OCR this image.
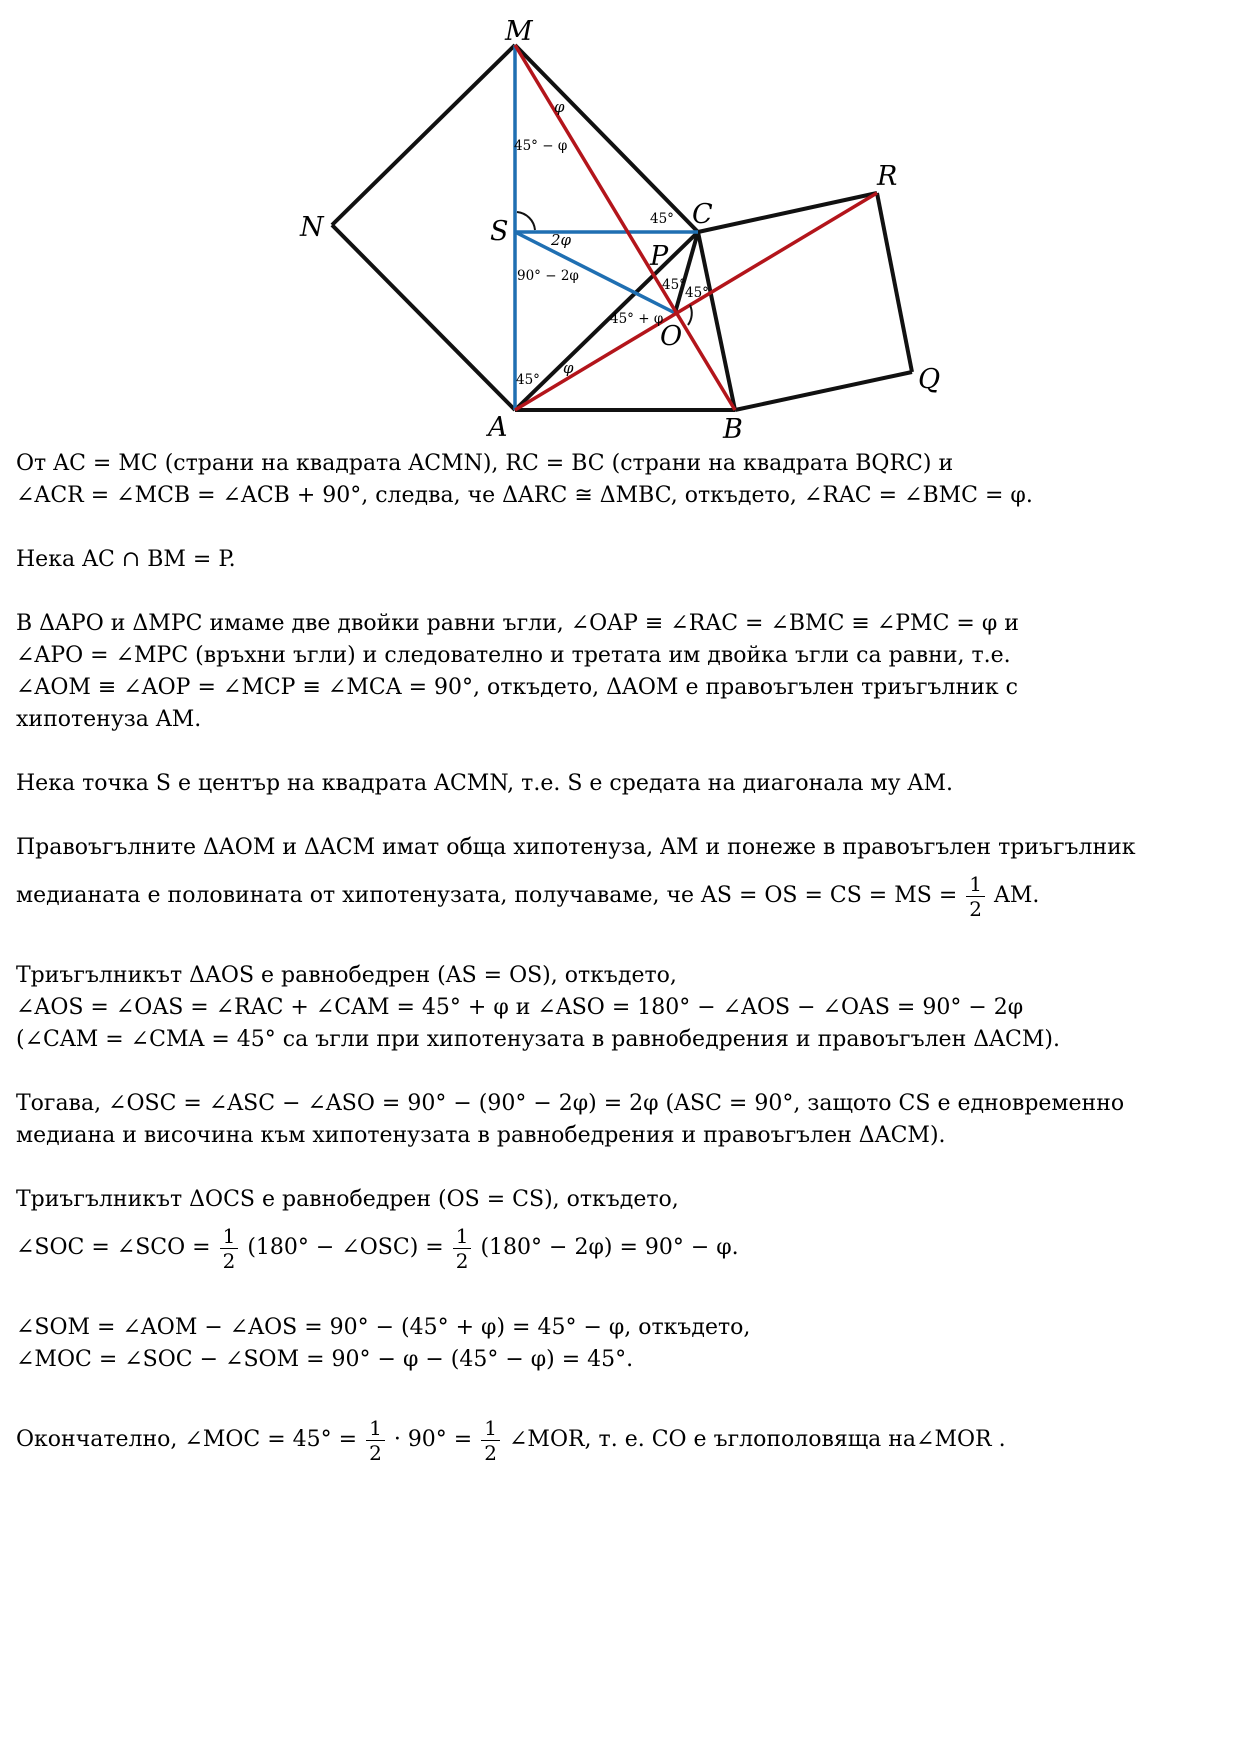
M
N	S
C
R
P
O
A	B
Q
φ
45° − φ
45°
2φ
90° − 2φ
45° 45°
45° + φ
45°
φ
От AC = MC (страни на квадрата ACMN), RC = BC (страни на квадрата BQRC) и
∠ACR = ∠MCB = ∠ACB + 90°, следва, че ΔARC ≅ ΔMBC, откъдето, ∠RAC = ∠BMC = φ.
Нека AC ∩ BM = P.
В ΔAPO и ΔMPC имаме две двойки равни ъгли, ∠OAP ≡ ∠RAC = ∠BMC ≡ ∠PMC = φ и
∠APO = ∠MPC (връхни ъгли) и следователно и третата им двойка ъгли са равни, т.е.
∠AOM ≡ ∠AOP = ∠MCP ≡ ∠MCA = 90°, откъдето, ΔAOM е правоъгълен триъгълник с
хипотенуза AM.
Нека точка S е център на квадрата ACMN, т.е. S е средата на диагонала му AM.
Правоъгълните ΔAOM и ΔACM имат обща хипотенуза, AM и понеже в правоъгълен триъгълник
медианата е половината от хипотенузата, получаваме, че AS = OS = CS = MS = $\frac{1}{2}$ AM.
Триъгълникът ΔAOS е равнобедрен (AS = OS), откъдето,
∠AOS = ∠OAS = ∠RAC + ∠CAM = 45° + φ и ∠ASO = 180° − ∠AOS − ∠OAS = 90° − 2φ
(∠CAM = ∠CMA = 45° са ъгли при хипотенузата в равнобедрения и правоъгълен ΔACM).
Тогава, ∠OSC = ∠ASC − ∠ASO = 90° − (90° − 2φ) = 2φ (ASC = 90°, защото CS е едновременно
медиана и височина към хипотенузата в равнобедрения и правоъгълен ΔACM).
Триъгълникът ΔOCS е равнобедрен (OS = CS), откъдето,
∠SOC = ∠SCO = $\frac{1}{2} (180^\circ$ − ∠OSC) = $\frac{1}{2} (180^\circ - 2\varphi) = 90^\circ - \varphi$.
∠SOM = ∠AOM − ∠AOS = 90° − (45° + φ) = 45° − φ, откъдето,
∠MOC = ∠SOC − ∠SOM = 90° − φ − (45° − φ) = 45°.
Окончателно, ∠MOC = $45^\circ = \frac{1}{2} \cdot 90^\circ = \frac{1}{2}$ ∠MOR, т. е. CO е ъглополовяща на∠MOR .
